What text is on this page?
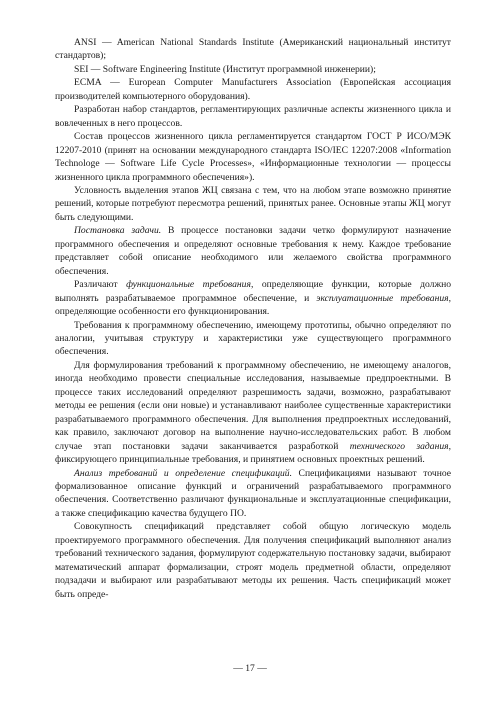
ANSI — American National Standards Institute (Американский национальный институт стандартов);

SEI — Software Engineering Institute (Институт программной инженерии);

ECMA — European Computer Manufacturers Association (Европейская ассоциация производителей компьютерного оборудования).

Разработан набор стандартов, регламентирующих различные аспекты жизненного цикла и вовлеченных в него процессов.

Состав процессов жизненного цикла регламентируется стандартом ГОСТ Р ИСО/МЭК 12207-2010 (принят на основании международного стандарта ISO/IEC 12207:2008 «Information Technologe — Software Life Cycle Processes», «Информационные технологии — процессы жизненного цикла программного обеспечения»).

Условность выделения этапов ЖЦ связана с тем, что на любом этапе возможно принятие решений, которые потребуют пересмотра решений, принятых ранее. Основные этапы ЖЦ могут быть следующими.

Постановка задачи. В процессе постановки задачи четко формулируют назначение программного обеспечения и определяют основные требования к нему. Каждое требование представляет собой описание необходимого или желаемого свойства программного обеспечения.

Различают функциональные требования, определяющие функции, которые должно выполнять разрабатываемое программное обеспечение, и эксплуатационные требования, определяющие особенности его функционирования.

Требования к программному обеспечению, имеющему прототипы, обычно определяют по аналогии, учитывая структуру и характеристики уже существующего программного обеспечения.

Для формулирования требований к программному обеспечению, не имеющему аналогов, иногда необходимо провести специальные исследования, называемые предпроектными. В процессе таких исследований определяют разрешимость задачи, возможно, разрабатывают методы ее решения (если они новые) и устанавливают наиболее существенные характеристики разрабатываемого программного обеспечения. Для выполнения предпроектных исследований, как правило, заключают договор на выполнение научно-исследовательских работ. В любом случае этап постановки задачи заканчивается разработкой технического задания, фиксирующего принципиальные требования, и принятием основных проектных решений.

Анализ требований и определение спецификаций. Спецификациями называют точное формализованное описание функций и ограничений разрабатываемого программного обеспечения. Соответственно различают функциональные и эксплуатационные спецификации, а также спецификацию качества будущего ПО.

Совокупность спецификаций представляет собой общую логическую модель проектируемого программного обеспечения. Для получения спецификаций выполняют анализ требований технического задания, формулируют содержательную постановку задачи, выбирают математический аппарат формализации, строят модель предметной области, определяют подзадачи и выбирают или разрабатывают методы их решения. Часть спецификаций может быть опреде-

— 17 —
